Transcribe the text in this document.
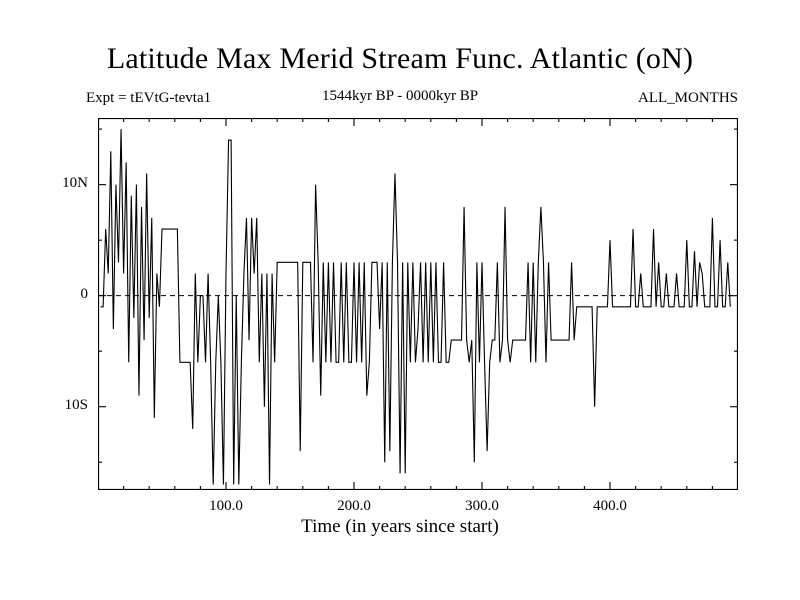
Latitude Max Merid Stream Func. Atlantic (oN)
Expt = tEVtG-tevta1	1544kyr BP - 0000kyr BP	ALL_MONTHS
10S
0
10N
100.0	200.0	300.0	400.0
Time (in years since start)
